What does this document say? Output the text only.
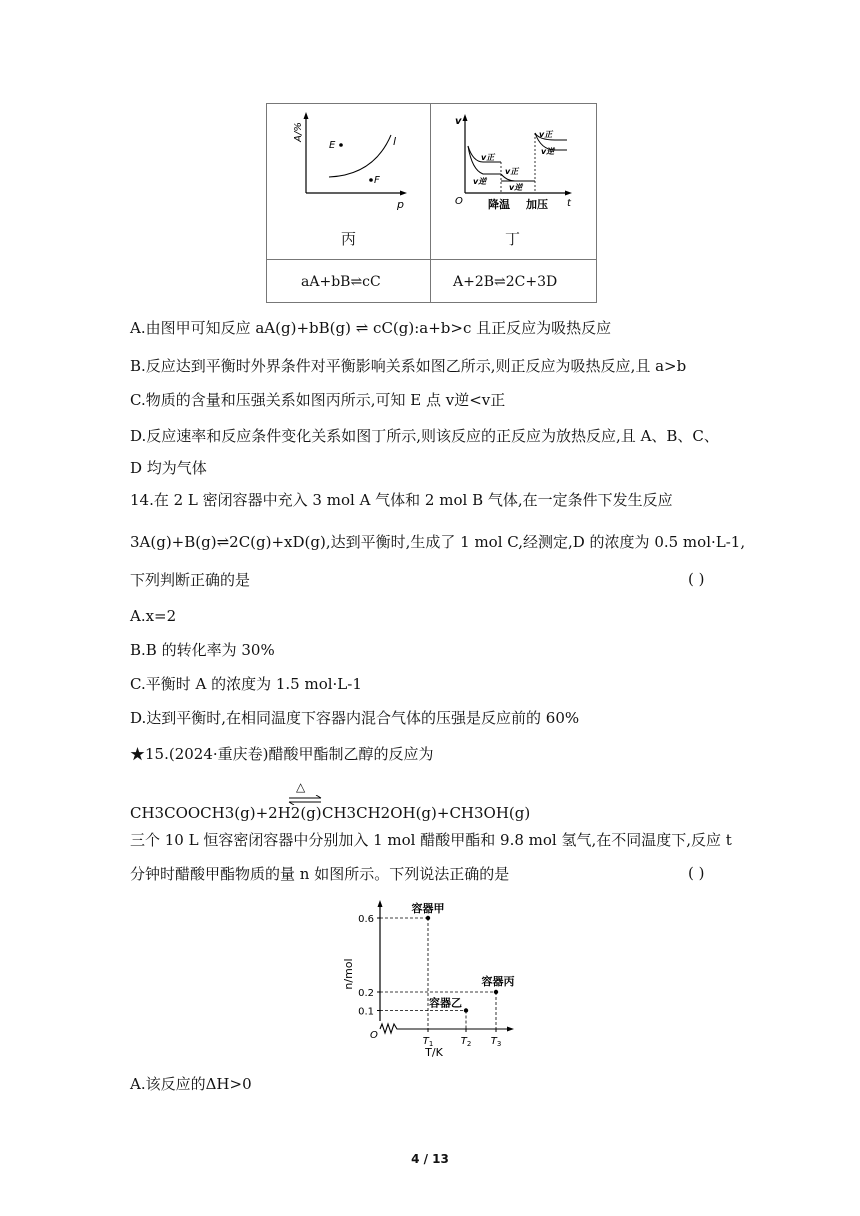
A/%
p
l
E
F
丙
v
O	t
v正
v逆
v正
v逆
v正
v逆
降温 加压
丁
aA+bB⇌cC	A+2B⇌2C+3D
A.由图甲可知反应 aA(g)+bB(g) ⇌ cC(g):a+b>c 且正反应为吸热反应
B.反应达到平衡时外界条件对平衡影响关系如图乙所示,则正反应为吸热反应,且 a>b
C.物质的含量和压强关系如图丙所示,可知 E 点 v逆<v正
D.反应速率和反应条件变化关系如图丁所示,则该反应的正反应为放热反应,且 A、B、C、
D 均为气体
14.在 2 L 密闭容器中充入 3 mol A 气体和 2 mol B 气体,在一定条件下发生反应
3A(g)+B(g)⇌2C(g)+xD(g),达到平衡时,生成了 1 mol C,经测定,D 的浓度为 0.5 mol·L-1,
下列判断正确的是	( )
A.x=2
B.B 的转化率为 30%
C.平衡时 A 的浓度为 1.5 mol·L-1
D.达到平衡时,在相同温度下容器内混合气体的压强是反应前的 60%
★15.(2024·重庆卷)醋酸甲酯制乙醇的反应为
△
CH3COOCH3(g)+2H2(g) CH3CH2OH(g)+CH3OH(g)
三个 10 L 恒容密闭容器中分别加入 1 mol 醋酸甲酯和 9.8 mol 氢气,在不同温度下,反应 t
分钟时醋酸甲酯物质的量 n 如图所示。下列说法正确的是	( )
O
n/mol
T/K
0.6
0.2
0.1
$T_1$	$T_2$ $T_3$
容器甲
容器乙
容器丙
A.该反应的ΔH>0
4 / 13
